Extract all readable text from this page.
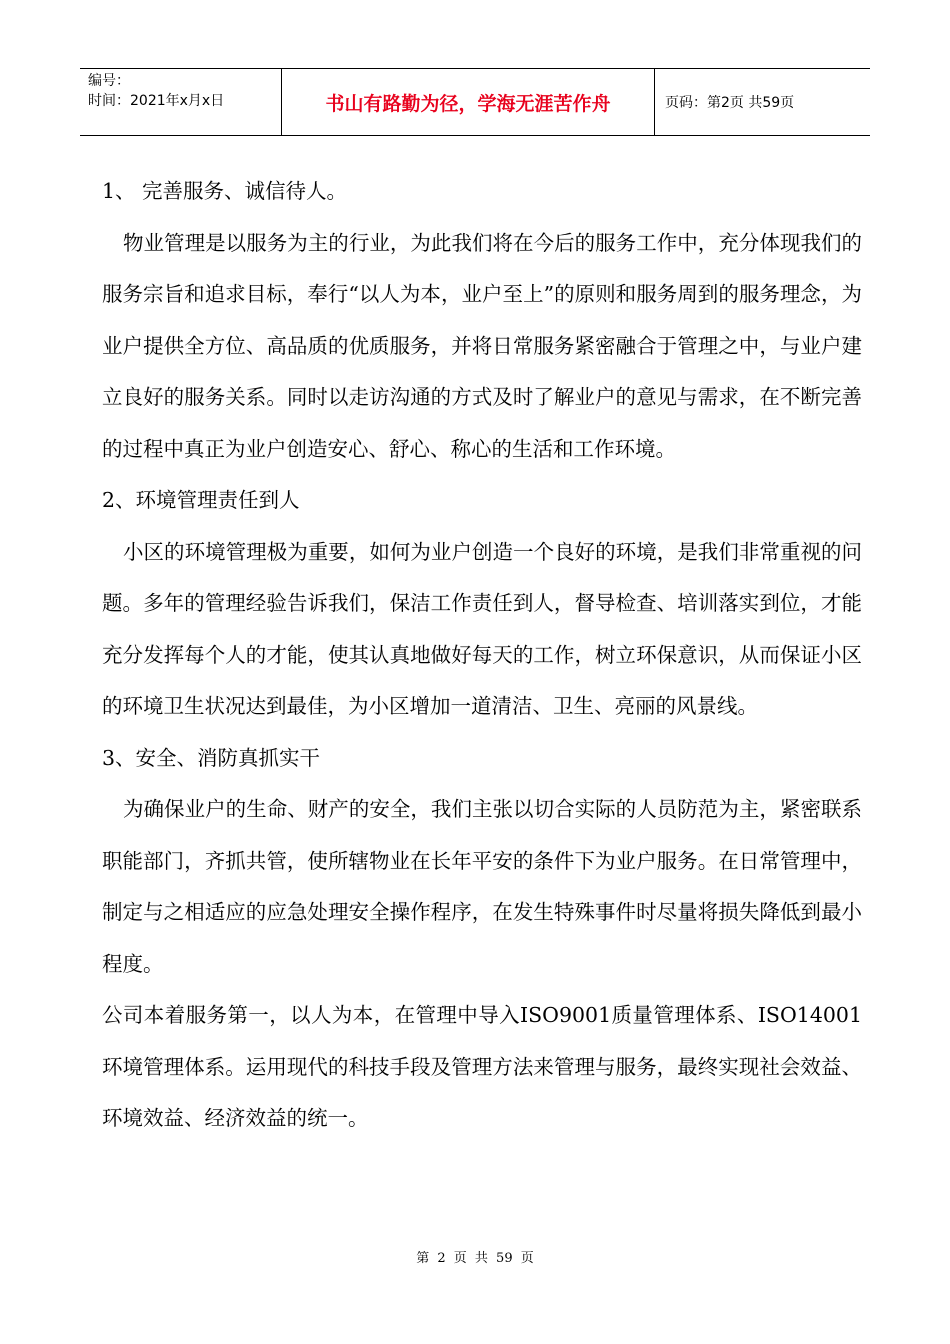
编号：
时间：2021年x月x日	书山有路勤为径，学海无涯苦作舟	页码：第2页 共59页

1、 完善服务、诚信待人。

物业管理是以服务为主的行业，为此我们将在今后的服务工作中，充分体现我们的服务宗旨和追求目标，奉行“以人为本，业户至上”的原则和服务周到的服务理念，为业户提供全方位、高品质的优质服务，并将日常服务紧密融合于管理之中，与业户建立良好的服务关系。同时以走访沟通的方式及时了解业户的意见与需求，在不断完善的过程中真正为业户创造安心、舒心、称心的生活和工作环境。

2、环境管理责任到人

小区的环境管理极为重要，如何为业户创造一个良好的环境，是我们非常重视的问题。多年的管理经验告诉我们，保洁工作责任到人，督导检查、培训落实到位，才能充分发挥每个人的才能，使其认真地做好每天的工作，树立环保意识，从而保证小区的环境卫生状况达到最佳，为小区增加一道清洁、卫生、亮丽的风景线。

3、安全、消防真抓实干

为确保业户的生命、财产的安全，我们主张以切合实际的人员防范为主，紧密联系职能部门，齐抓共管，使所辖物业在长年平安的条件下为业户服务。在日常管理中，制定与之相适应的应急处理安全操作程序，在发生特殊事件时尽量将损失降低到最小程度。

公司本着服务第一，以人为本，在管理中导入ISO9001质量管理体系、ISO14001环境管理体系。运用现代的科技手段及管理方法来管理与服务，最终实现社会效益、环境效益、经济效益的统一。

第 2 页 共 59 页
